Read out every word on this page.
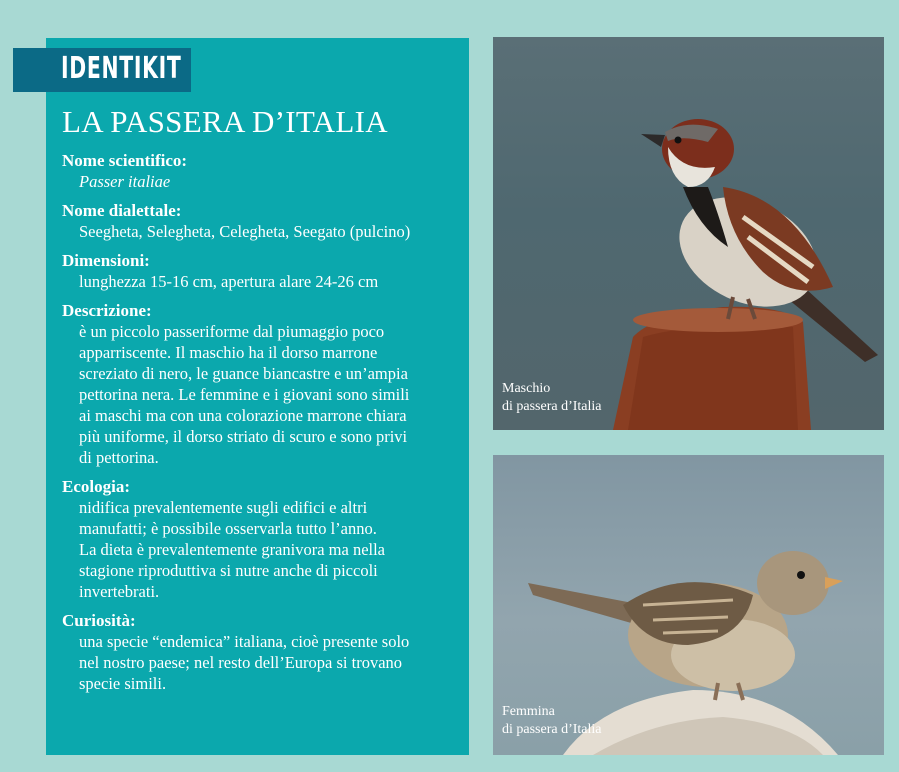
IDENTIKIT
LA PASSERA D’ITALIA
Nome scientifico:
Passer italiae
Nome dialettale:
Seegheta, Selegheta, Celegheta, Seegato (pulcino)
Dimensioni:
lunghezza 15-16 cm, apertura alare 24-26 cm
Descrizione:
è un piccolo passeriforme dal piumaggio poco
apparriscente. Il maschio ha il dorso marrone
screziato di nero, le guance biancastre e un’ampia
pettorina nera. Le femmine e i giovani sono simili
ai maschi ma con una colorazione marrone chiara
più uniforme, il dorso striato di scuro e sono privi
di pettorina.
Ecologia:
nidifica prevalentemente sugli edifici e altri
manufatti; è possibile osservarla tutto l’anno.
La dieta è prevalentemente granivora ma nella
stagione riproduttiva si nutre anche di piccoli
invertebrati.
Curiosità:
una specie “endemica” italiana, cioè presente solo
nel nostro paese; nel resto dell’Europa si trovano
specie simili.
Maschio
di passera d’Italia
Femmina
di passera d’Italia
